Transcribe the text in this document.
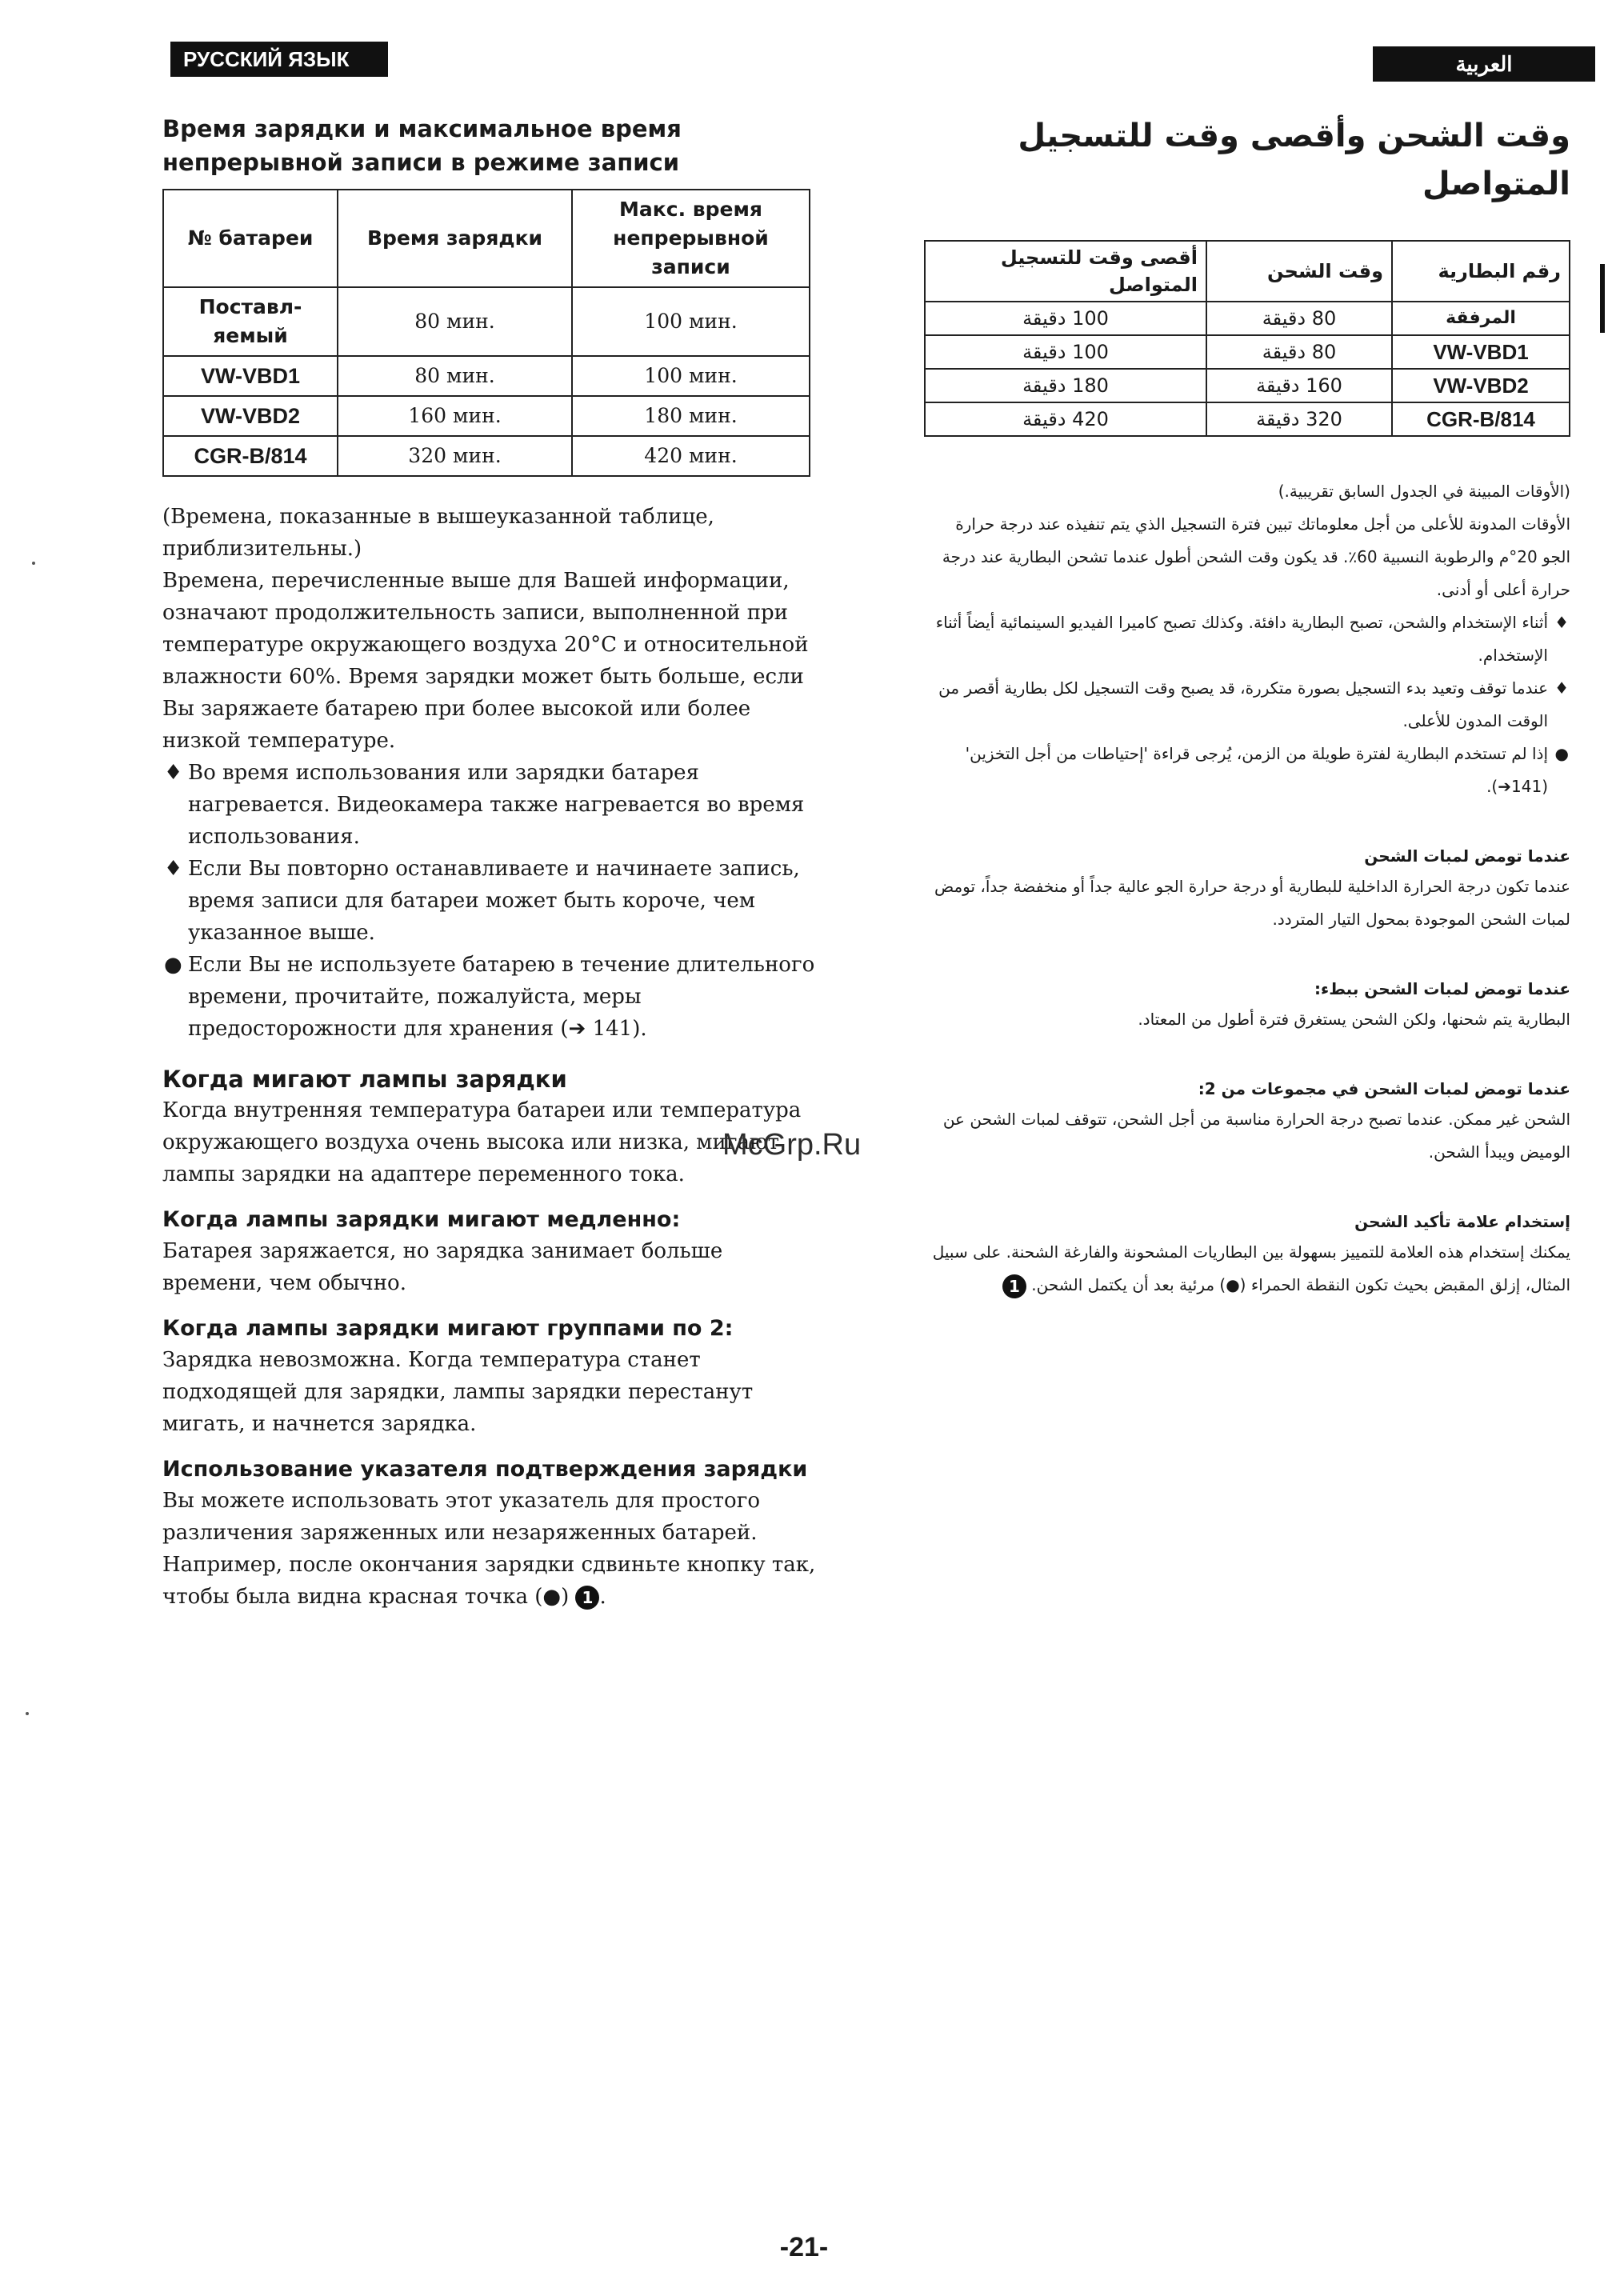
РУССКИЙ ЯЗЫК	العربية
Время зарядки и максимальное время непрерывной записи в режиме записи
№ батареи	Время зарядки	Макс. время непрерывной записи
Поставл-яемый	80 мин.	100 мин.
VW-VBD1	80 мин.	100 мин.
VW-VBD2	160 мин.	180 мин.
CGR-B/814	320 мин.	420 мин.

(Времена, показанные в вышеуказанной таблице, приблизительны.)

Времена, перечисленные выше для Вашей информации, означают продолжительность записи, выполненной при температуре окружающего воздуха 20°C и относительной влажности 60%. Время зарядки может быть больше, если Вы заряжаете батарею при более высокой или более низкой температуре.

♦ Во время использования или зарядки батарея нагревается. Видеокамера также нагревается во время использования.
♦ Если Вы повторно останавливаете и начинаете запись, время записи для батареи может быть короче, чем указанное выше.
● Если Вы не используете батарею в течение длительного времени, прочитайте, пожалуйста, меры предосторожности для хранения (➔ 141).
Когда мигают лампы зарядки

Когда внутренняя температура батареи или температура окружающего воздуха очень высока или низка, мигают лампы зарядки на адаптере переменного тока.

Когда лампы зарядки мигают медленно:

Батарея заряжается, но зарядка занимает больше времени, чем обычно.

Когда лампы зарядки мигают группами по 2:

Зарядка невозможна. Когда температура станет подходящей для зарядки, лампы зарядки перестанут мигать, и начнется зарядка.

Использование указателя подтверждения зарядки

Вы можете использовать этот указатель для простого различения заряженных или незаряженных батарей. Например, после окончания зарядки сдвиньте кнопку так, чтобы была видна красная точка (●) 1 .

وقت الشحن وأقصى وقت للتسجيل المتواصل
رقم البطارية	وقت الشحن	أقصى وقت للتسجيل المتواصل
المرفقة	80 دقيقة	100 دقيقة
VW-VBD1	80 دقيقة	100 دقيقة
VW-VBD2	160 دقيقة	180 دقيقة
CGR-B/814	320 دقيقة	420 دقيقة

(الأوقات المبينة في الجدول السابق تقريبية.)

الأوقات المدونة للأعلى من أجل معلوماتك تبين فترة التسجيل الذي يتم تنفيذه عند درجة حرارة الجو 20°م والرطوبة النسبية 60٪. قد يكون وقت الشحن أطول عندما تشحن البطارية عند درجة حرارة أعلى أو أدنى.

♦
أثناء الإستخدام والشحن، تصبح البطارية دافئة. وكذلك تصبح كاميرا الفيديو السينمائية أيضاً أثناء الإستخدام.
♦
عندما توقف وتعيد بدء التسجيل بصورة متكررة، قد يصبح وقت التسجيل لكل بطارية أقصر من الوقت المدون للأعلى.
●
إذا لم تستخدم البطارية لفترة طويلة من الزمن، يُرجى قراءة 'إحتياطات من أجل التخزين' (141➔).
عندما تومض لمبات الشحن

عندما تكون درجة الحرارة الداخلية للبطارية أو درجة حرارة الجو عالية جداً أو منخفضة جداً، تومض لمبات الشحن الموجودة بمحول التيار المتردد.

عندما تومض لمبات الشحن ببطء:

البطارية يتم شحنها، ولكن الشحن يستغرق فترة أطول من المعتاد.

عندما تومض لمبات الشحن في مجموعات من 2:

الشحن غير ممكن. عندما تصبح درجة الحرارة مناسبة من أجل الشحن، تتوقف لمبات الشحن عن الوميض ويبدأ الشحن.

إستخدام علامة تأكيد الشحن

يمكنك إستخدام هذه العلامة للتمييز بسهولة بين البطاريات المشحونة والفارغة الشحنة. على سبيل المثال، إزلق المقبض بحيث تكون النقطة الحمراء (●) مرئية بعد أن يكتمل الشحن. 1

McGrp.Ru
-21-
